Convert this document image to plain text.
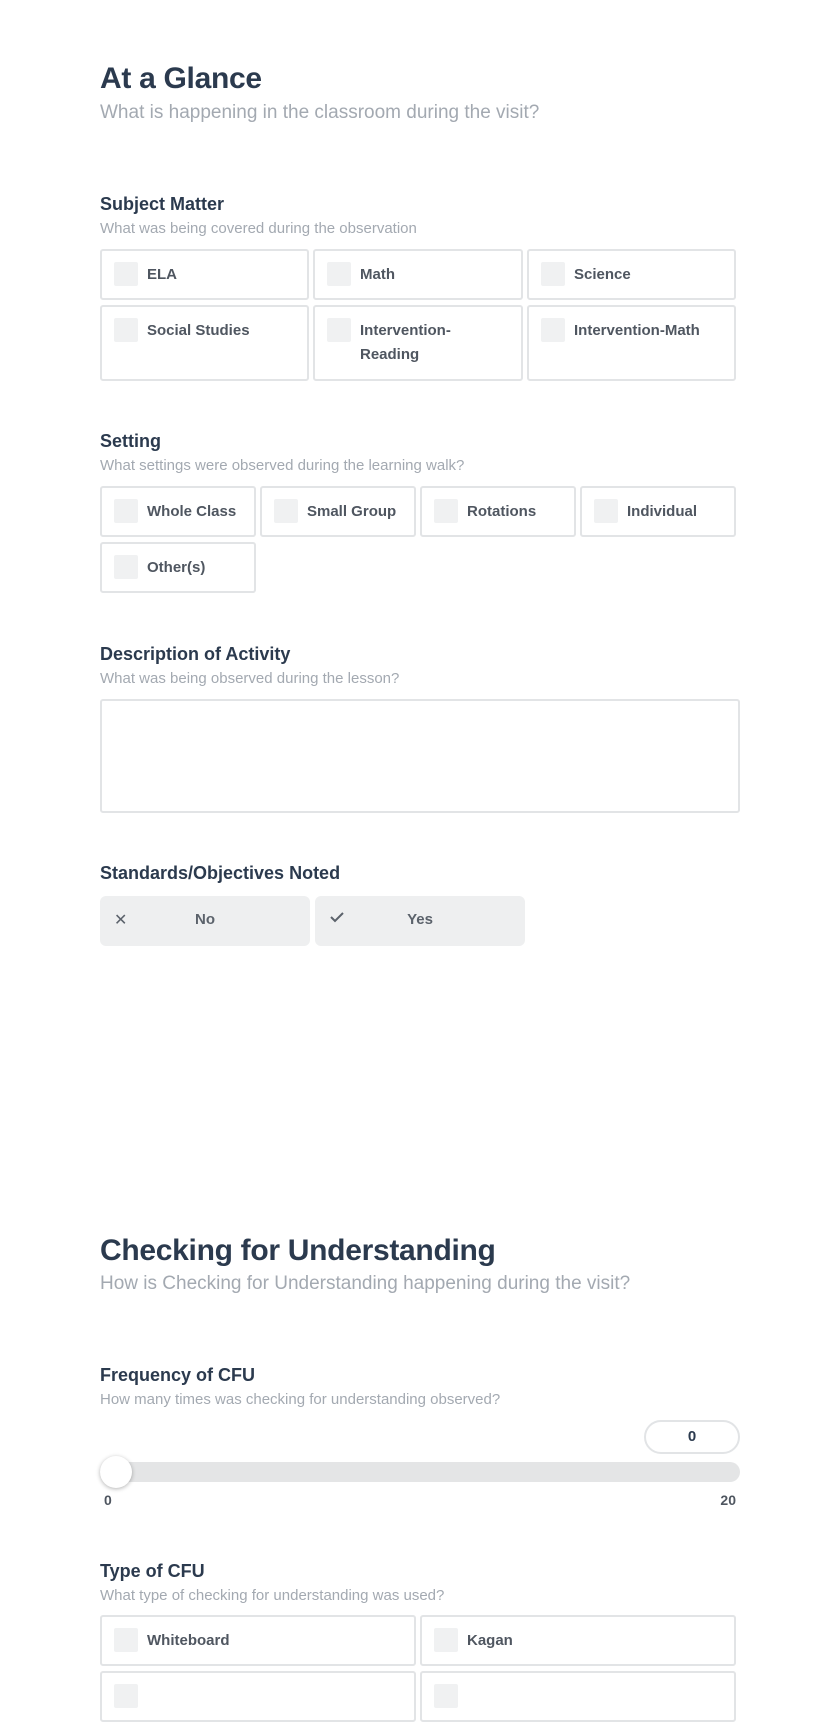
At a Glance

What is happening in the classroom during the visit?

Subject Matter

What was being covered during the observation

ELA	Math	Science
Social Studies	Intervention-Reading
Intervention-Math
Setting

What settings were observed during the learning walk?

Whole Class	Small Group	Rotations	Individual
Other(s)
Description of Activity

What was being observed during the lesson?

Standards/Objectives Noted
✕	No	Yes
Checking for Understanding

How is Checking for Understanding happening during the visit?

Frequency of CFU

How many times was checking for understanding observed?

0
0	20
Type of CFU

What type of checking for understanding was used?

Whiteboard	Kagan
